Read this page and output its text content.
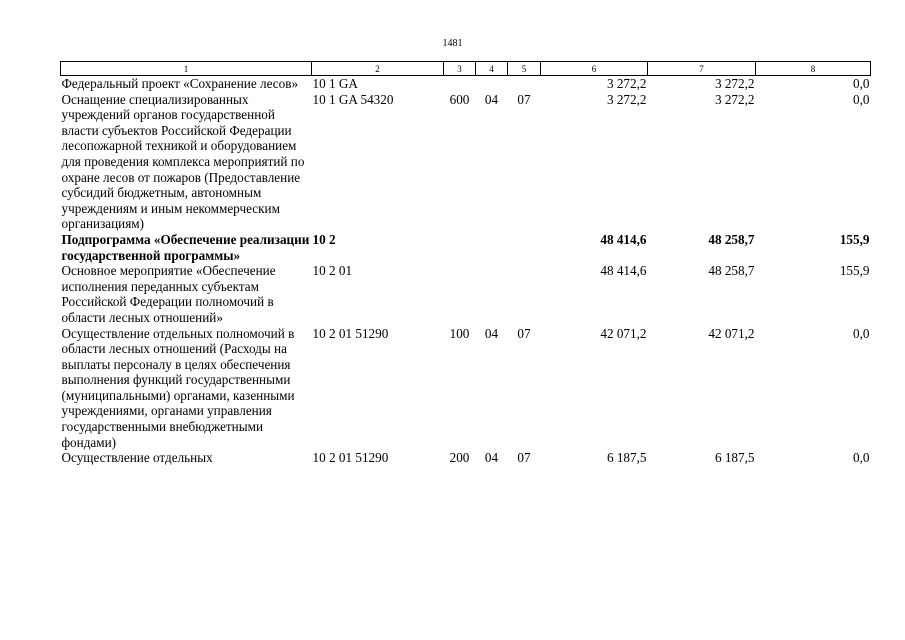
1481
1	2	3	4	5	6	7	8
Федеральный проект «Сохранение лесов»	10 1 GA				3 272,2	3 272,2	0,0
Оснащение специализированных учреждений органов государственной власти субъектов Российской Федерации лесопожарной техникой и оборудованием для проведения комплекса мероприятий по охране лесов от пожаров (Предоставление субсидий бюджетным, автономным учреждениям и иным некоммерческим организациям)	10 1 GA 54320	600	04	07	3 272,2	3 272,2	0,0
Подпрограмма «Обеспечение реализации государственной программы»	10 2				48 414,6	48 258,7	155,9
Основное мероприятие «Обеспечение исполнения переданных субъектам Российской Федерации полномочий в области лесных отношений»	10 2 01				48 414,6	48 258,7	155,9
Осуществление отдельных полномочий в области лесных отношений (Расходы на выплаты персоналу в целях обеспечения выполнения функций государственными (муниципальными) органами, казенными учреждениями, органами управления государственными внебюджетными фондами)	10 2 01 51290	100	04	07	42 071,2	42 071,2	0,0
Осуществление отдельных	10 2 01 51290	200	04	07	6 187,5	6 187,5	0,0
